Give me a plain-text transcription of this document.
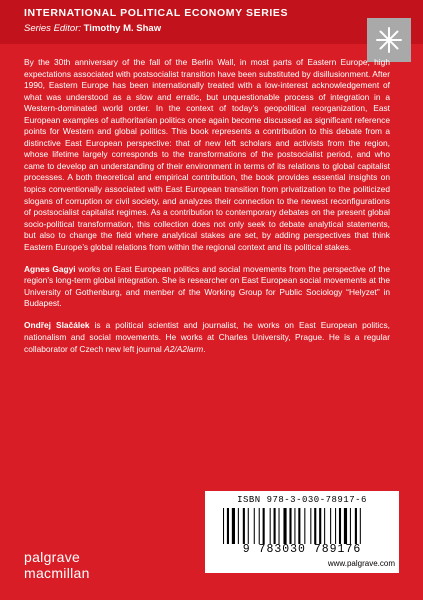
INTERNATIONAL POLITICAL ECONOMY SERIES
Series Editor: Timothy M. Shaw

By the 30th anniversary of the fall of the Berlin Wall, in most parts of Eastern Europe, high expectations associated with postsocialist transition have been substituted by disillusionment. After 1990, Eastern Europe has been internationally treated with a low-interest acknowledgement of what was understood as a slow and erratic, but unquestionable process of integration in a Western-dominated world order. In the context of today’s geopolitical reorganization, East European examples of authoritarian politics once again become discussed as significant reference points for Western and global politics. This book represents a contribution to this debate from a distinctive East European perspective: that of new left scholars and activists from the region, whose lifetime largely corresponds to the transformations of the postsocialist period, and who came to develop an understanding of their environment in terms of its relations to global capitalist processes. A both theoretical and empirical contribution, the book provides essential insights on topics conventionally associated with East European transition from privatization to the politicized slogans of corruption or civil society, and analyzes their connection to the newest reconfigurations of postsocialist capitalist regimes. As a contribution to contemporary debates on the present global socio-political transformation, this collection does not only seek to debate analytical statements, but also to change the field where analytical stakes are set, by adding perspectives that think Eastern Europe’s global relations from within the regional context and its political stakes.

Agnes Gagyi works on East European politics and social movements from the perspective of the region’s long-term global integration. She is researcher on East European social movements at the University of Gothenburg, and member of the Working Group for Public Sociology “Helyzet” in Budapest.

Ondřej Slačálek is a political scientist and journalist, he works on East European politics, nationalism and social movements. He works at Charles University, Prague. He is a regular collaborator of Czech new left journal A2/A2larm.

ISBN 978-3-030-78917-6
9 783030 789176
www.palgrave.com
palgrave
macmillan
